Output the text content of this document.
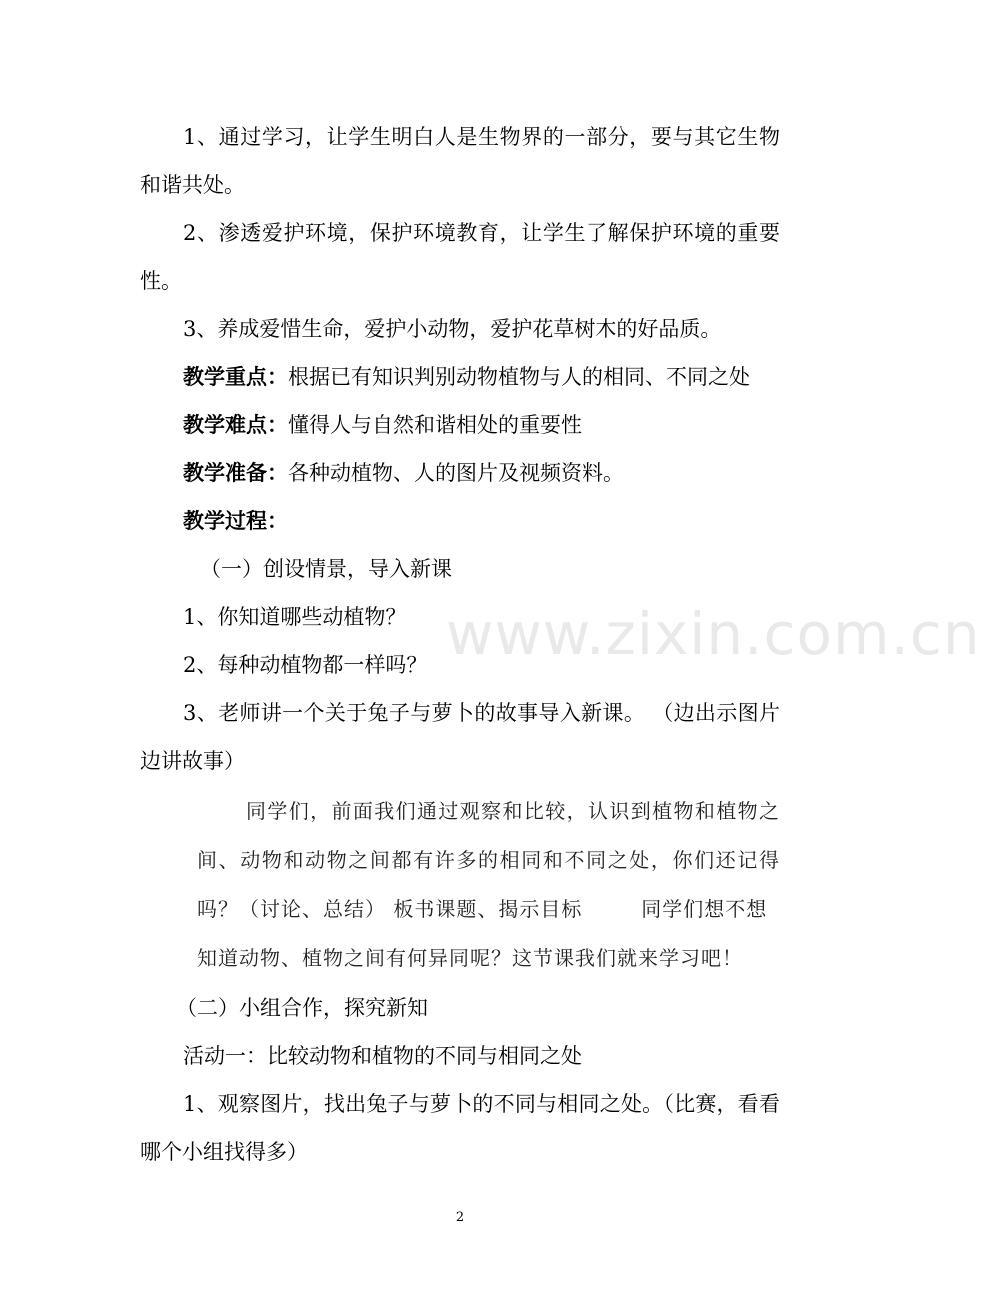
1、通过学习，让学生明白人是生物界的一部分，要与其它生物
和谐共处。
2、渗透爱护环境，保护环境教育，让学生了解保护环境的重要
性。
3、养成爱惜生命，爱护小动物，爱护花草树木的好品质。
教学重点：根据已有知识判别动物植物与人的相同、不同之处
教学难点：懂得人与自然和谐相处的重要性
教学准备：各种动植物、人的图片及视频资料。
教学过程：
（一）创设情景，导入新课
1、你知道哪些动植物？
2、每种动植物都一样吗？
3、老师讲一个关于兔子与萝卜的故事导入新课。 （边出示图片
边讲故事）
同学们，前面我们通过观察和比较，认识到植物和植物之
间、动物和动物之间都有许多的相同和不同之处，你们还记得
吗？（讨论、总结） 板书课题、揭示目标        同学们想不想
知道动物、植物之间有何异同呢？这节课我们就来学习吧！
（二）小组合作，探究新知
活动一：比较动物和植物的不同与相同之处
1、观察图片，找出兔子与萝卜的不同与相同之处。（比赛，看看
哪个小组找得多）
www.zixin.com.cn
2
